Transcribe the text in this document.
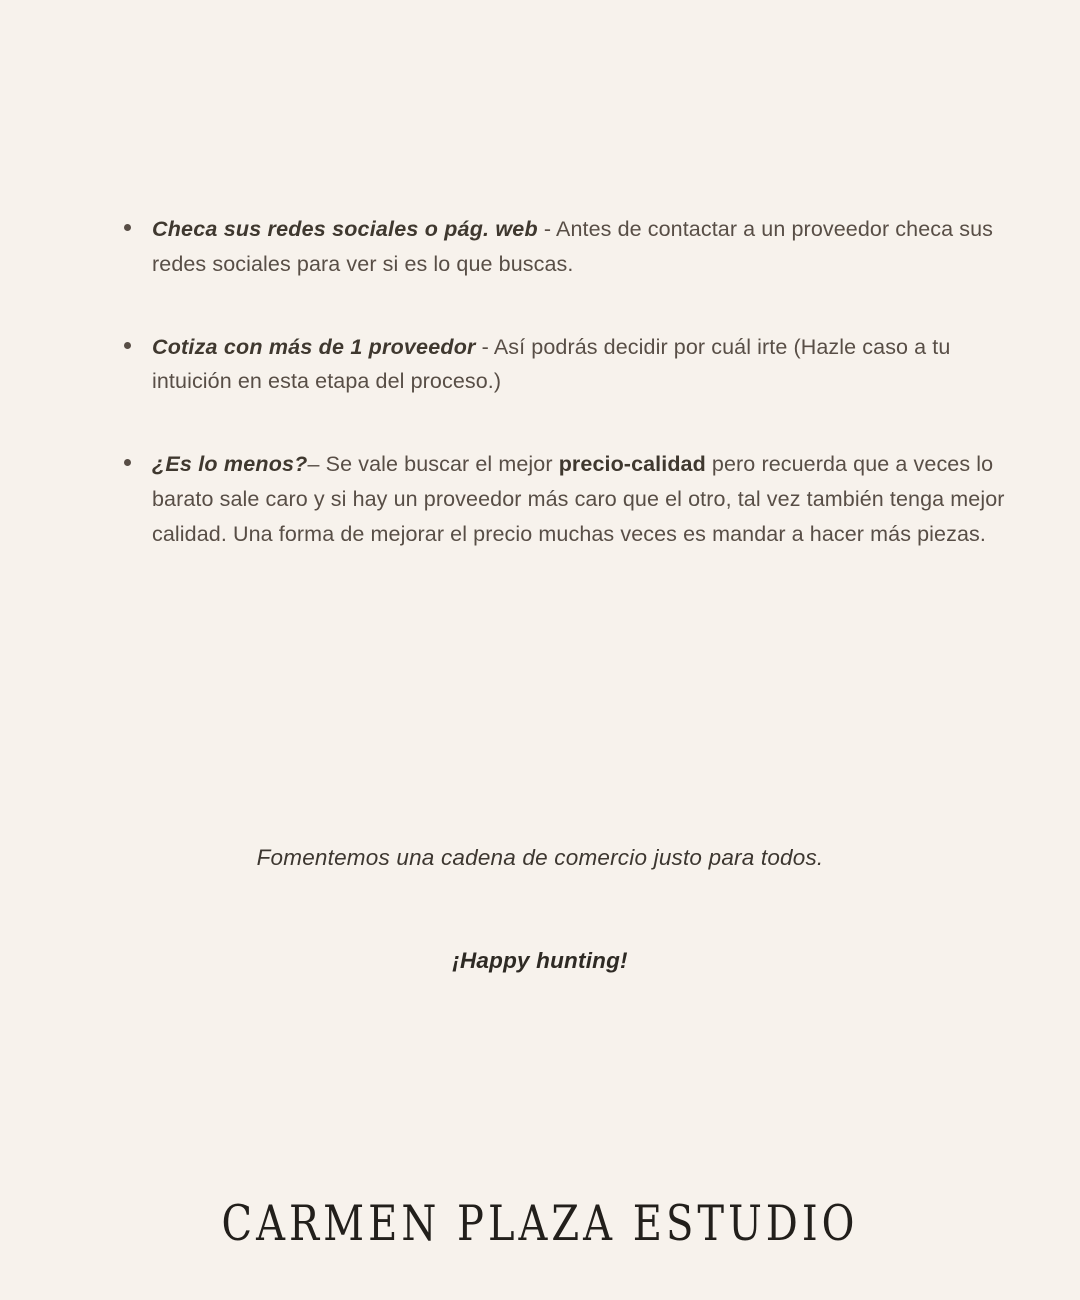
Checa sus redes sociales o pág. web - Antes de contactar a un proveedor checa sus redes sociales para ver si es lo que buscas.
Cotiza con más de 1 proveedor - Así podrás decidir por cuál irte (Hazle caso a tu intuición en esta etapa del proceso.)
¿Es lo menos?– Se vale buscar el mejor precio-calidad pero recuerda que a veces lo barato sale caro y si hay un proveedor más caro que el otro, tal vez también tenga mejor calidad. Una forma de mejorar el precio muchas veces es mandar a hacer más piezas.
Fomentemos una cadena de comercio justo para todos.
¡Happy hunting!
CARMEN PLAZA ESTUDIO
